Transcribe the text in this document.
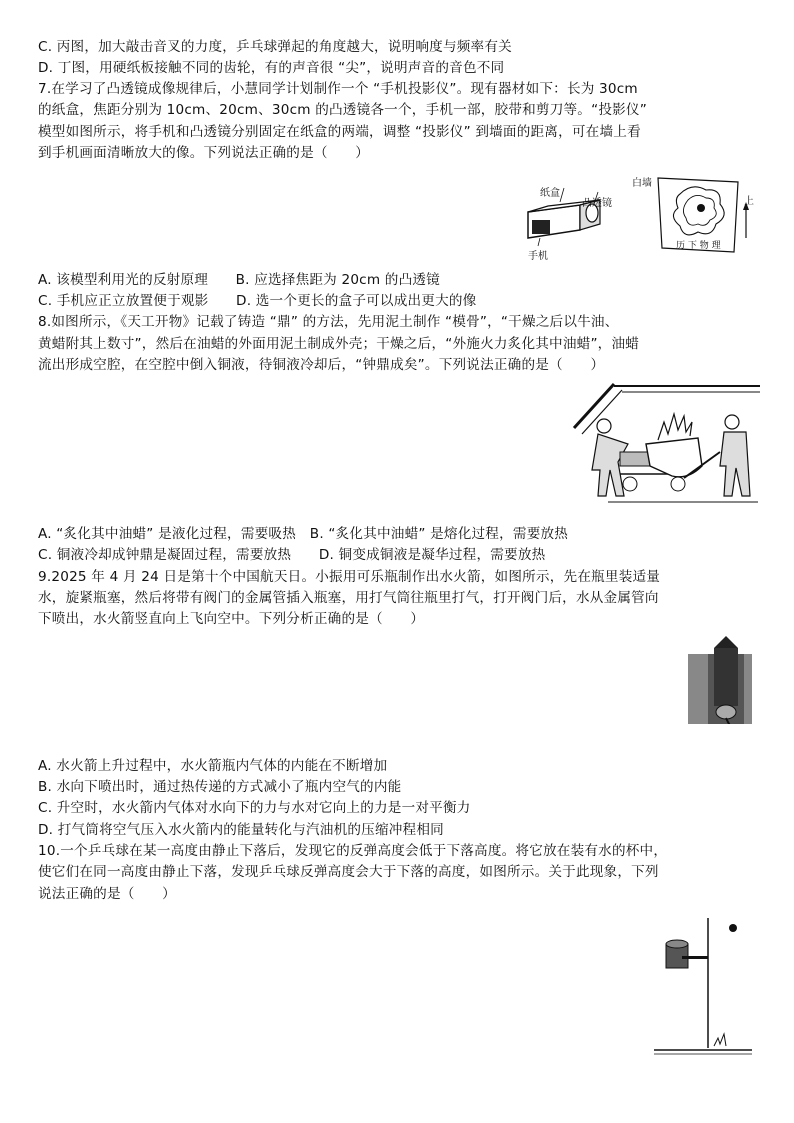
C. 丙图，加大敲击音叉的力度，乒乓球弹起的角度越大，说明响度与频率有关
D. 丁图，用硬纸板接触不同的齿轮，有的声音很 “尖”，说明声音的音色不同
7.在学习了凸透镜成像规律后，小慧同学计划制作一个 “手机投影仪”。现有器材如下：长为 30cm
的纸盒，焦距分别为 10cm、20cm、30cm 的凸透镜各一个，手机一部，胶带和剪刀等。“投影仪”
模型如图所示，将手机和凸透镜分别固定在纸盒的两端，调整 “投影仪” 到墙面的距离，可在墙上看
到手机画面清晰放大的像。下列说法正确的是（　　）
纸盒
凸透镜
手机
白墙
上
历 下 物 理
A. 该模型利用光的反射原理　　B. 应选择焦距为 20cm 的凸透镜
C. 手机应正立放置便于观影　　D. 选一个更长的盒子可以成出更大的像
8.如图所示，《天工开物》记载了铸造 “鼎” 的方法，先用泥土制作 “模骨”，“干燥之后以牛油、
黄蜡附其上数寸”，然后在油蜡的外面用泥土制成外壳；干燥之后，“外施火力炙化其中油蜡”，油蜡
流出形成空腔，在空腔中倒入铜液，待铜液冷却后，“钟鼎成矣”。下列说法正确的是（　　）
A. “炙化其中油蜡” 是液化过程，需要吸热　B. “炙化其中油蜡” 是熔化过程，需要放热
C. 铜液冷却成钟鼎是凝固过程，需要放热　　D. 铜变成铜液是凝华过程，需要放热
9.2025 年 4 月 24 日是第十个中国航天日。小振用可乐瓶制作出水火箭，如图所示，先在瓶里装适量
水，旋紧瓶塞，然后将带有阀门的金属管插入瓶塞，用打气筒往瓶里打气，打开阀门后，水从金属管向
下喷出，水火箭竖直向上飞向空中。下列分析正确的是（　　）
A. 水火箭上升过程中，水火箭瓶内气体的内能在不断增加
B. 水向下喷出时，通过热传递的方式减小了瓶内空气的内能
C. 升空时，水火箭内气体对水向下的力与水对它向上的力是一对平衡力
D. 打气筒将空气压入水火箭内的能量转化与汽油机的压缩冲程相同
10.一个乒乓球在某一高度由静止下落后，发现它的反弹高度会低于下落高度。将它放在装有水的杯中，
使它们在同一高度由静止下落，发现乒乓球反弹高度会大于下落的高度，如图所示。关于此现象，下列
说法正确的是（　　）
